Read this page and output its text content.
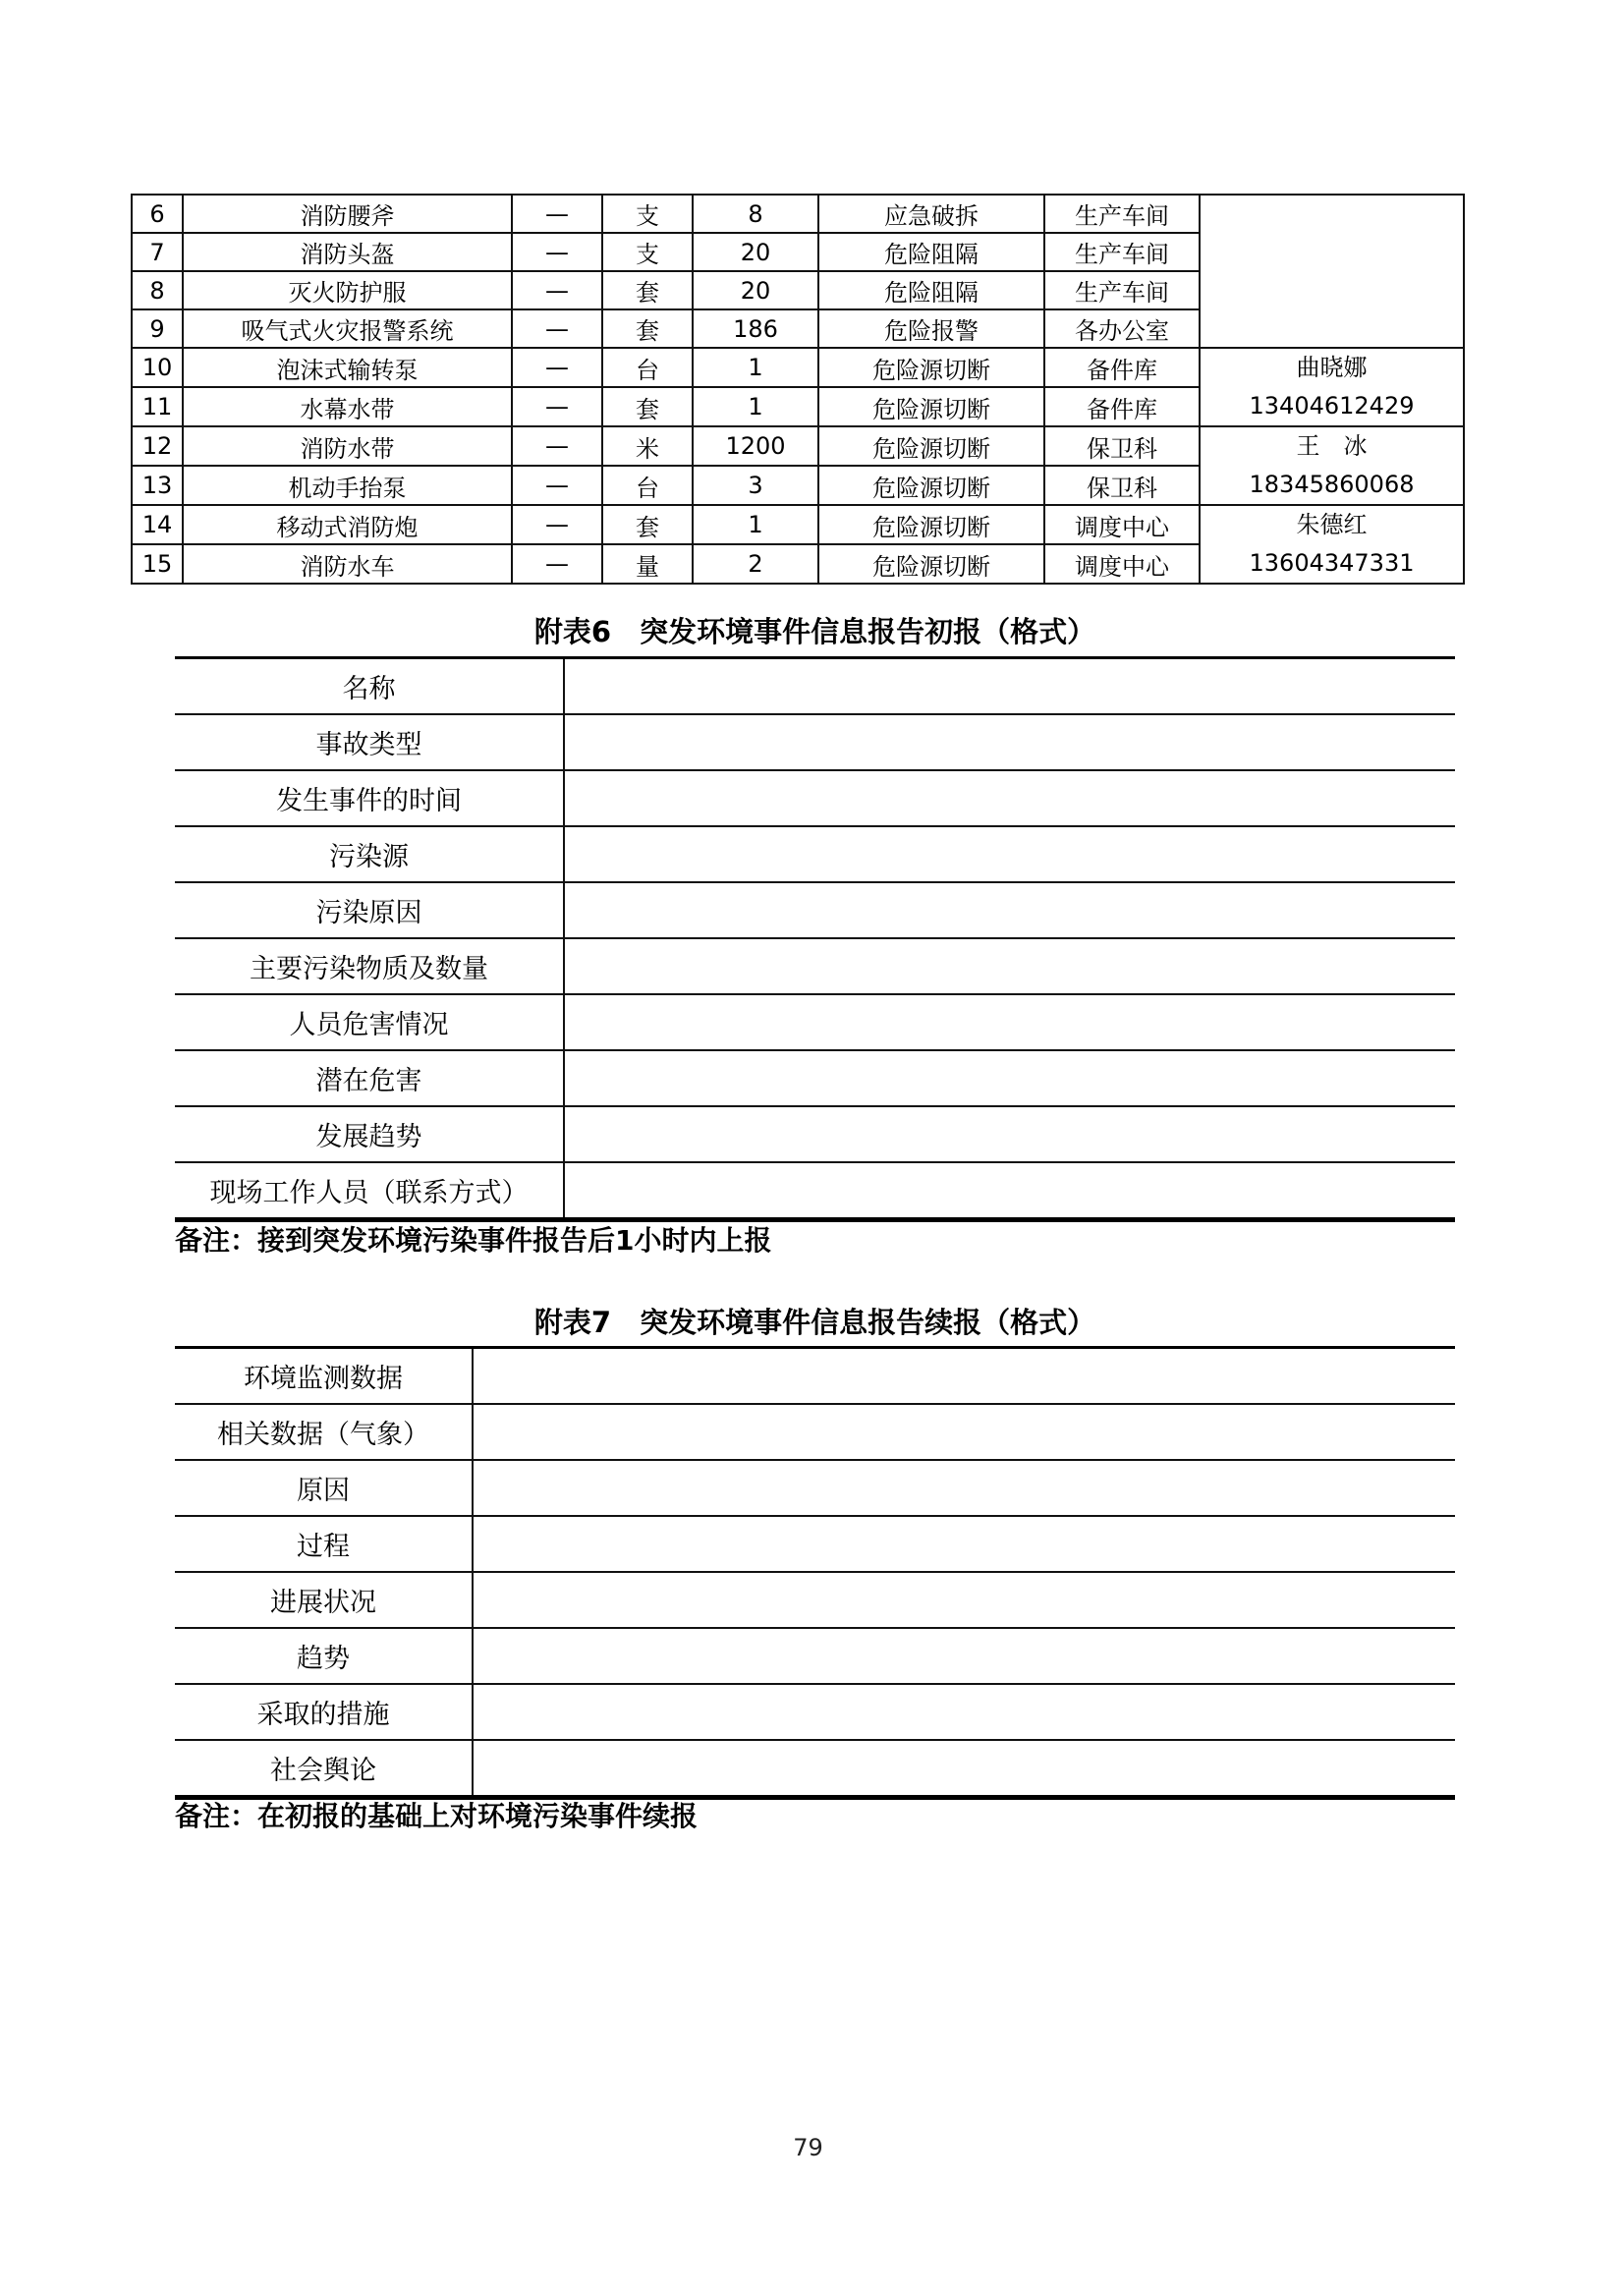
6	消防腰斧	—	支	8	应急破拆	生产车间	
7	消防头盔	—	支	20	危险阻隔	生产车间	
8	灭火防护服	—	套	20	危险阻隔	生产车间	
9	吸气式火灾报警系统	—	套	186	危险报警	各办公室	
10	泡沫式输转泵	—	台	1	危险源切断	备件库	曲晓娜
13404612429

11	水幕水带	—	套	1	危险源切断	备件库	
12	消防水带	—	米	1200	危险源切断	保卫科	王　冰
18345860068

13	机动手抬泵	—	台	3	危险源切断	保卫科	
14	移动式消防炮	—	套	1	危险源切断	调度中心	朱德红
13604347331

15	消防水车	—	量	2	危险源切断	调度中心	
附表6　突发环境事件信息报告初报（格式）
名称	
事故类型	
发生事件的时间	
污染源	
污染原因	
主要污染物质及数量	
人员危害情况	
潜在危害	
发展趋势	
现场工作人员（联系方式）	
备注：接到突发环境污染事件报告后1小时内上报
附表7　突发环境事件信息报告续报（格式）
环境监测数据	
相关数据（气象）	
原因	
过程	
进展状况	
趋势	
采取的措施	
社会舆论	
备注：在初报的基础上对环境污染事件续报
79
